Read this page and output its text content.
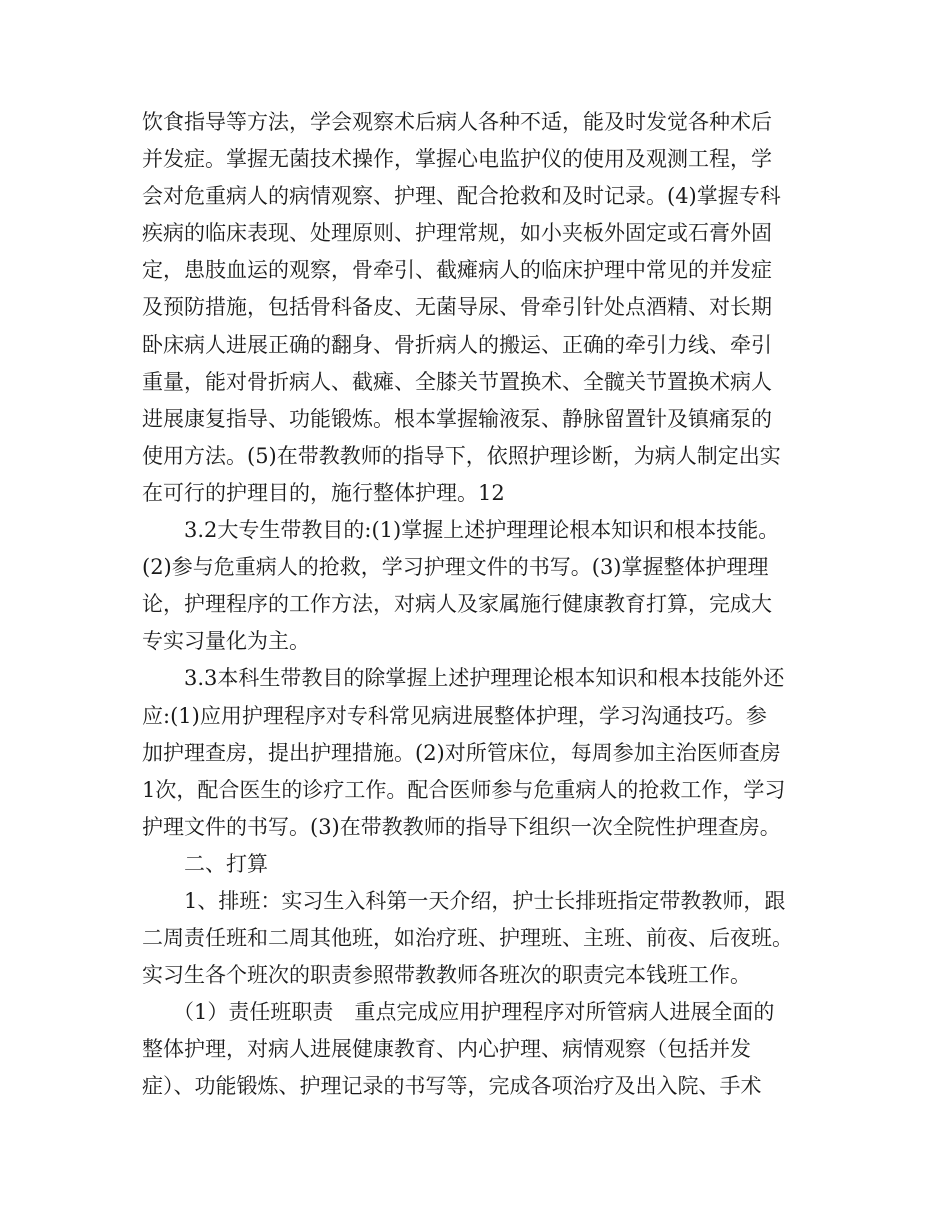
饮食指导等方法，学会观察术后病人各种不适，能及时发觉各种术后
并发症。掌握无菌技术操作，掌握心电监护仪的使用及观测工程，学
会对危重病人的病情观察、护理、配合抢救和及时记录。(4)掌握专科
疾病的临床表现、处理原则、护理常规，如小夹板外固定或石膏外固
定，患肢血运的观察，骨牵引、截瘫病人的临床护理中常见的并发症
及预防措施，包括骨科备皮、无菌导尿、骨牵引针处点酒精、对长期
卧床病人进展正确的翻身、骨折病人的搬运、正确的牵引力线、牵引
重量，能对骨折病人、截瘫、全膝关节置换术、全髋关节置换术病人
进展康复指导、功能锻炼。根本掌握输液泵、静脉留置针及镇痛泵的
使用方法。(5)在带教教师的指导下，依照护理诊断，为病人制定出实
在可行的护理目的，施行整体护理。12
3.2大专生带教目的:(1)掌握上述护理理论根本知识和根本技能。
(2)参与危重病人的抢救，学习护理文件的书写。(3)掌握整体护理理
论，护理程序的工作方法，对病人及家属施行健康教育打算，完成大
专实习量化为主。
3.3本科生带教目的除掌握上述护理理论根本知识和根本技能外还
应:(1)应用护理程序对专科常见病进展整体护理，学习沟通技巧。参
加护理查房，提出护理措施。(2)对所管床位，每周参加主治医师查房
1次，配合医生的诊疗工作。配合医师参与危重病人的抢救工作，学习
护理文件的书写。(3)在带教教师的指导下组织一次全院性护理查房。
二、打算
1、排班：实习生入科第一天介绍，护士长排班指定带教教师，跟
二周责任班和二周其他班，如治疗班、护理班、主班、前夜、后夜班。
实习生各个班次的职责参照带教教师各班次的职责完本钱班工作。
（1）责任班职责　重点完成应用护理程序对所管病人进展全面的
整体护理，对病人进展健康教育、内心护理、病情观察（包括并发
症）、功能锻炼、护理记录的书写等，完成各项治疗及出入院、手术
